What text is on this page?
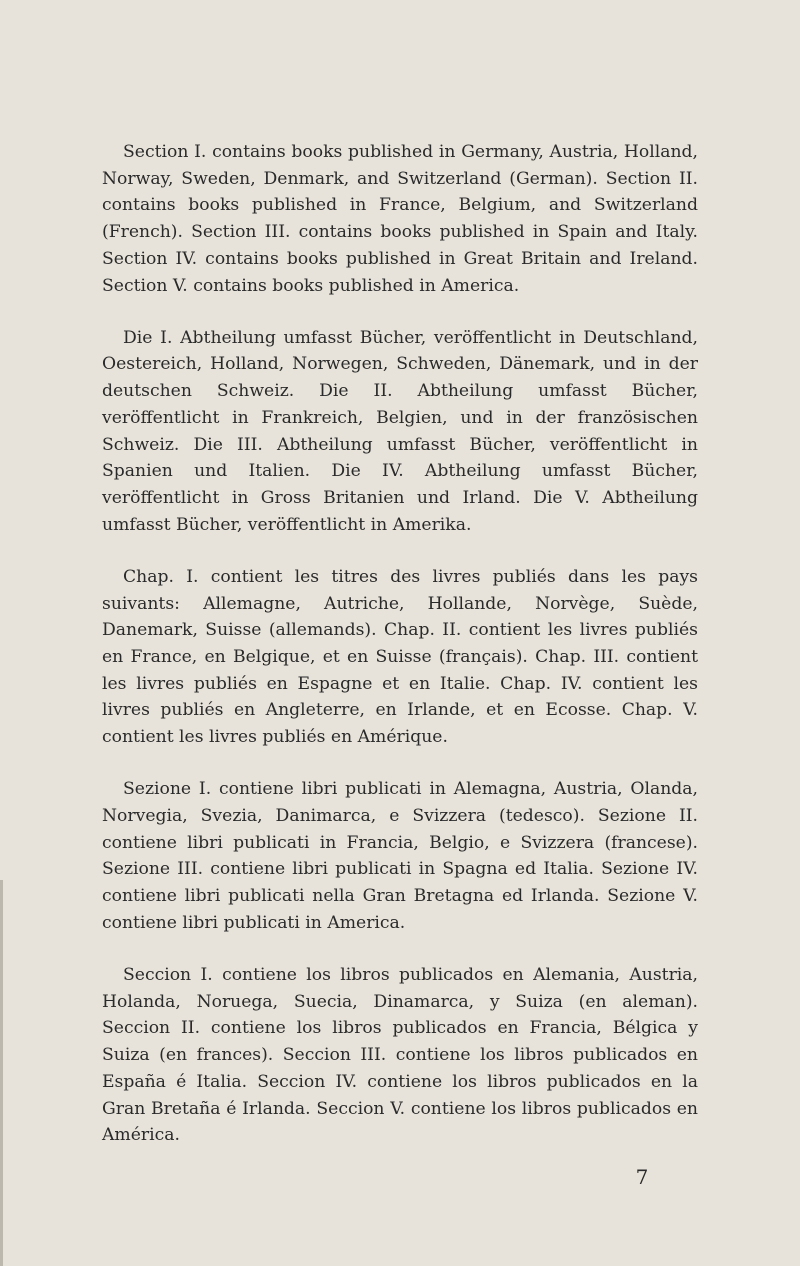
Section I. contains books published in Germany, Austria, Holland, Norway, Sweden, Denmark, and Switzerland (German). Section II. contains books published in France, Belgium, and Switzerland (French). Section III. contains books published in Spain and Italy. Section IV. contains books published in Great Britain and Ireland. Section V. contains books published in America.

Die I. Abtheilung umfasst Bücher, veröffentlicht in Deutschland, Oestereich, Holland, Norwegen, Schweden, Dänemark, und in der deutschen Schweiz. Die II. Abtheilung umfasst Bücher, veröffentlicht in Frankreich, Belgien, und in der französischen Schweiz. Die III. Abtheilung umfasst Bücher, veröffentlicht in Spanien und Italien. Die IV. Abtheilung umfasst Bücher, veröffentlicht in Gross Britanien und Irland. Die V. Abtheilung umfasst Bücher, veröffentlicht in Amerika.

Chap. I. contient les titres des livres publiés dans les pays suivants: Allemagne, Autriche, Hollande, Norvège, Suède, Danemark, Suisse (allemands). Chap. II. contient les livres publiés en France, en Belgique, et en Suisse (français). Chap. III. contient les livres publiés en Espagne et en Italie. Chap. IV. contient les livres publiés en Angleterre, en Irlande, et en Ecosse. Chap. V. contient les livres publiés en Amérique.

Sezione I. contiene libri publicati in Alemagna, Austria, Olanda, Norvegia, Svezia, Danimarca, e Svizzera (tedesco). Sezione II. contiene libri publicati in Francia, Belgio, e Svizzera (francese). Sezione III. contiene libri publicati in Spagna ed Italia. Sezione IV. contiene libri publicati nella Gran Bretagna ed Irlanda. Sezione V. contiene libri publicati in America.

Seccion I. contiene los libros publicados en Alemania, Austria, Holanda, Noruega, Suecia, Dinamarca, y Suiza (en aleman). Seccion II. contiene los libros publicados en Francia, Bélgica y Suiza (en frances). Seccion III. contiene los libros publicados en España é Italia. Seccion IV. contiene los libros publicados en la Gran Bretaña é Irlanda. Seccion V. contiene los libros publicados en América.

7
